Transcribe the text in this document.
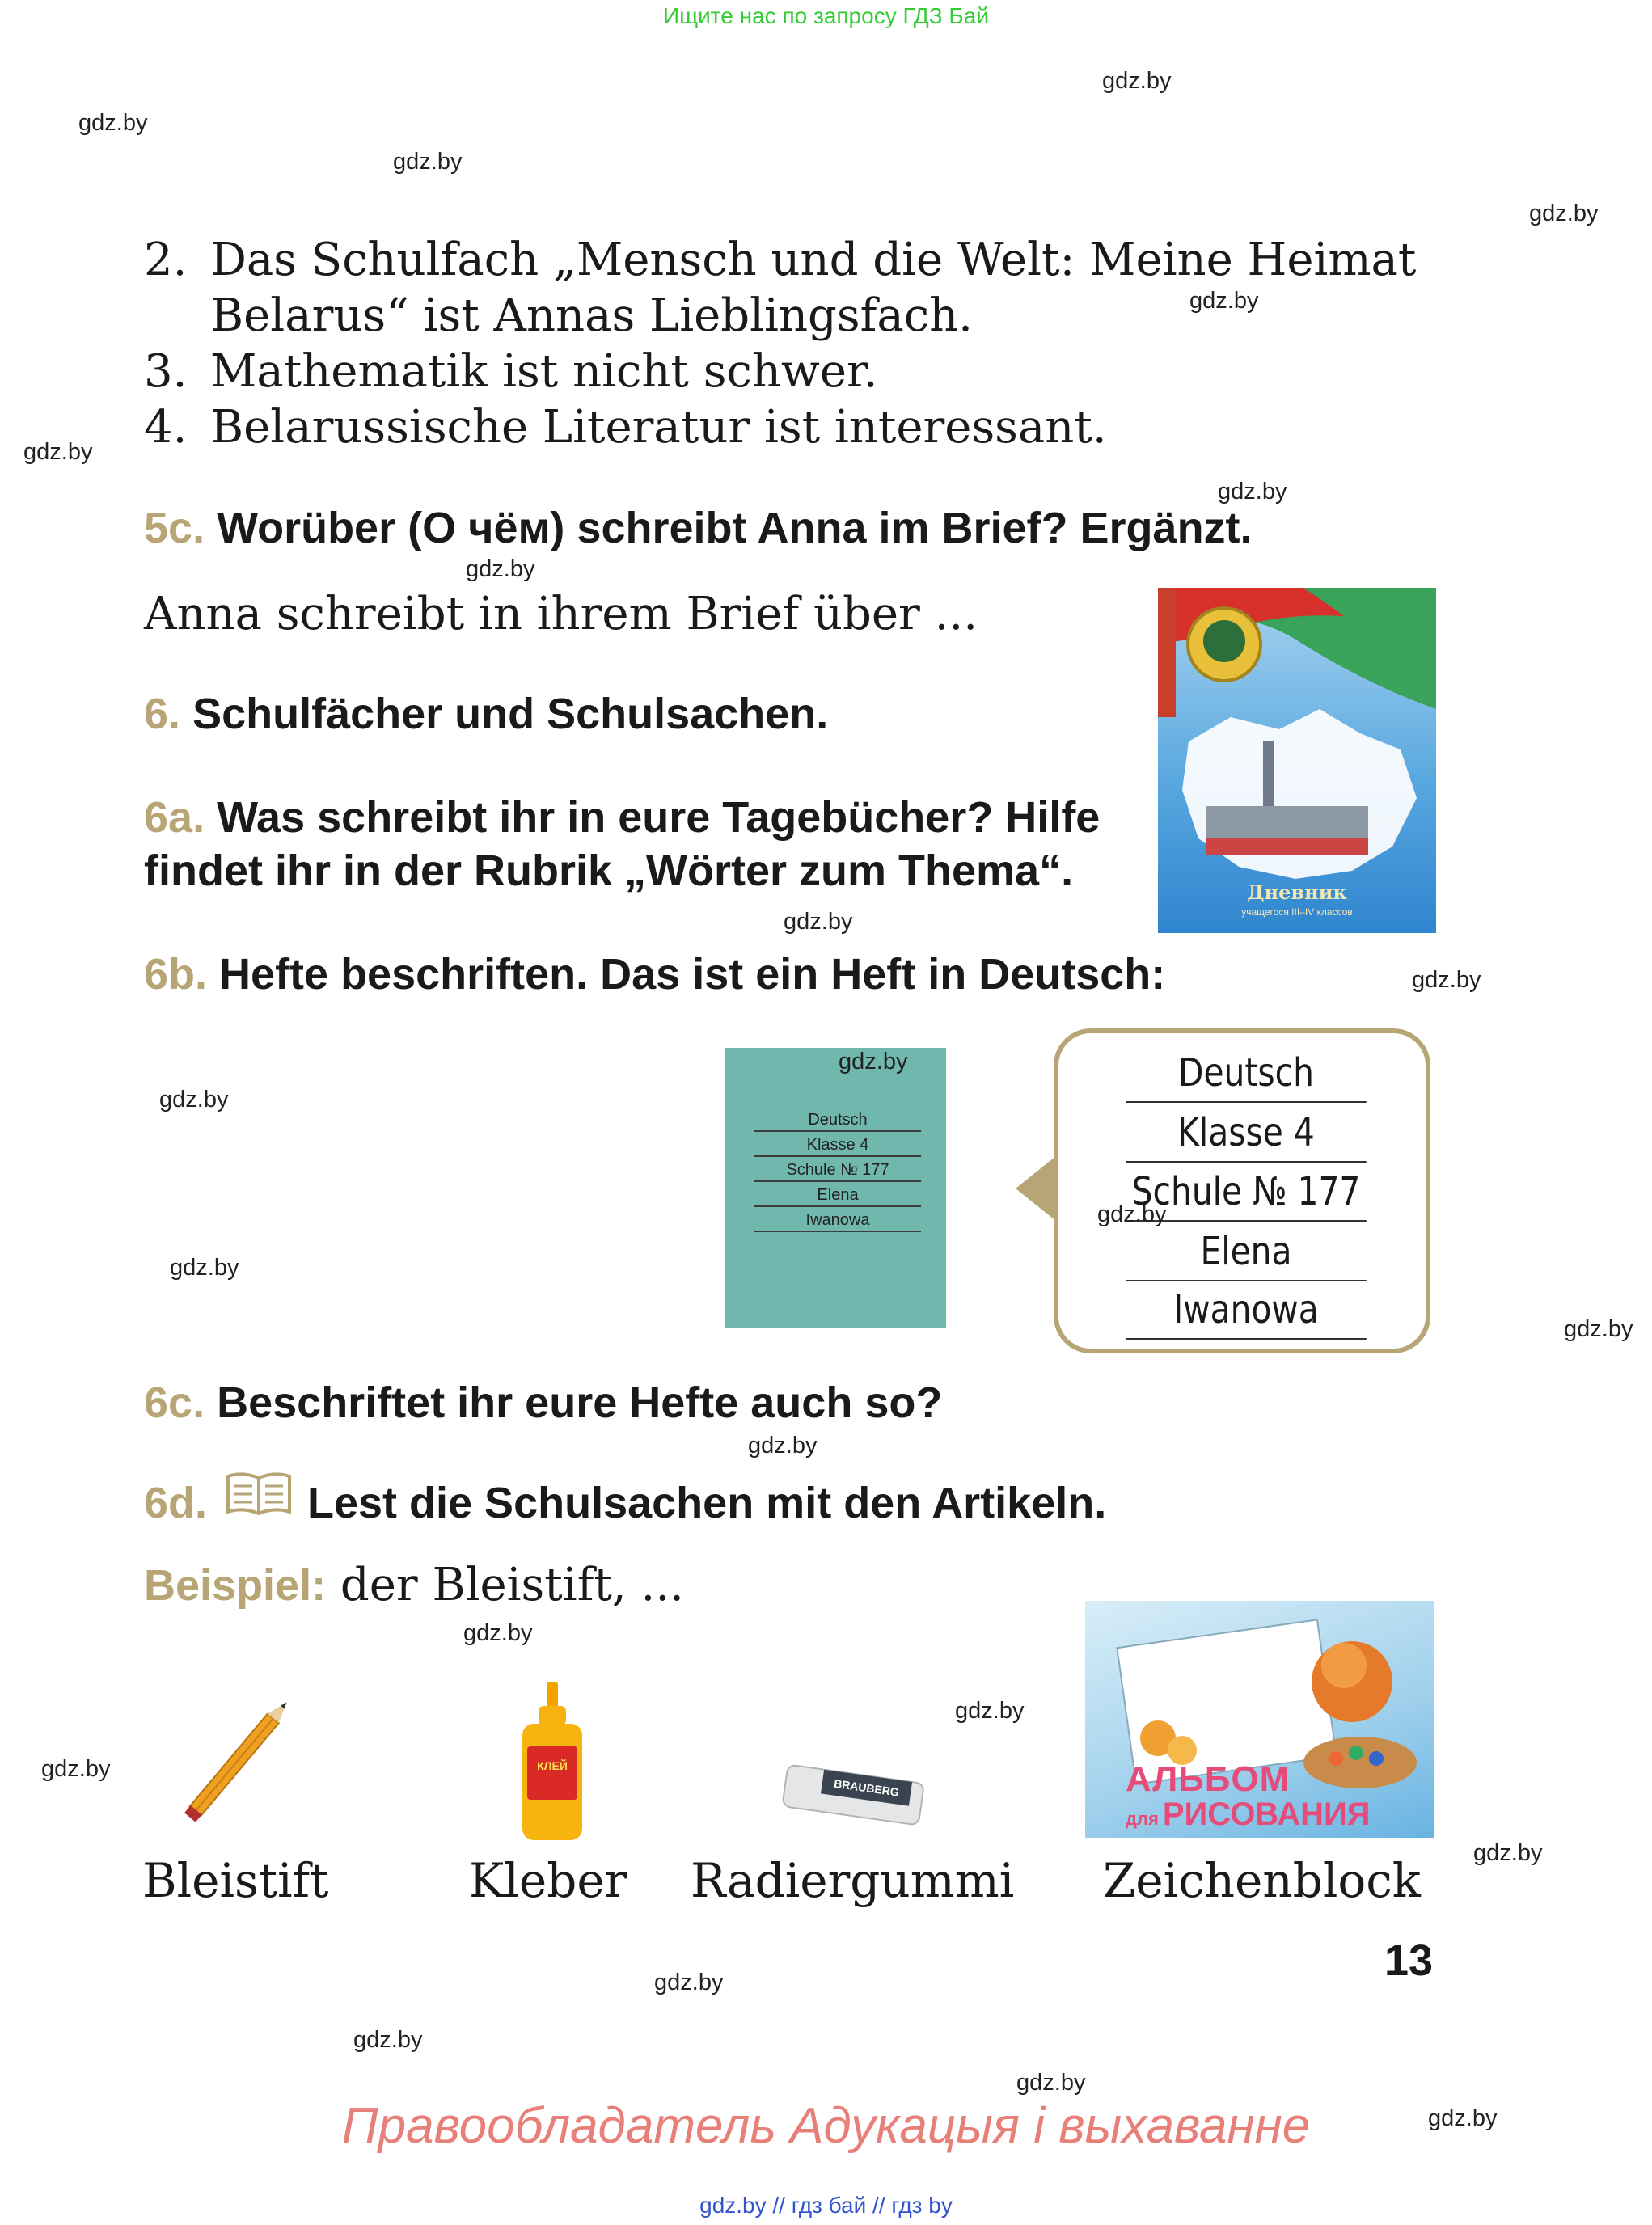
Ищите нас по запросу ГДЗ Бай
gdz.by
gdz.by
gdz.by
gdz.by
gdz.by
gdz.by
gdz.by
gdz.by
gdz.by
gdz.by
gdz.by
gdz.by
gdz.by
gdz.by
gdz.by
gdz.by
gdz.by
gdz.by
gdz.by
gdz.by
gdz.by
gdz.by
2. Das Schulfach „Mensch und die Welt: Meine Heimat
Belarus“ ist Annas Lieblingsfach.
3. Mathematik ist nicht schwer.
4. Belarussische Literatur ist interessant.
5c. Worüber (О чём) schreibt Anna im Brief? Ergänzt.
Anna schreibt in ihrem Brief über ...
6. Schulfächer und Schulsachen.
6a. Was schreibt ihr in eure Tagebücher? Hilfe
findet ihr in der Rubrik „Wörter zum Thema“.	Дневник
учащегося III–IV классов
6b. Hefte beschriften. Das ist ein Heft in Deutsch:
Deutsch
Klasse 4
Schule № 177
Elena
Iwanowa
gdz.by	Deutsch
Klasse 4
Schule № 177
Elena
Iwanowa
gdz.by
6c. Beschriftet ihr eure Hefte auch so?
6d. Lest die Schulsachen mit den Artikeln.
Beispiel: der Bleistift, ...
КЛЕЙ
BRAUBERG	АЛЬБОМ
для РИСОВАНИЯ
Bleistift	Kleber Radiergummi Zeichenblock
13
Правообладатель Адукацыя і выхаванне
gdz.by // гдз бай // гдз by
